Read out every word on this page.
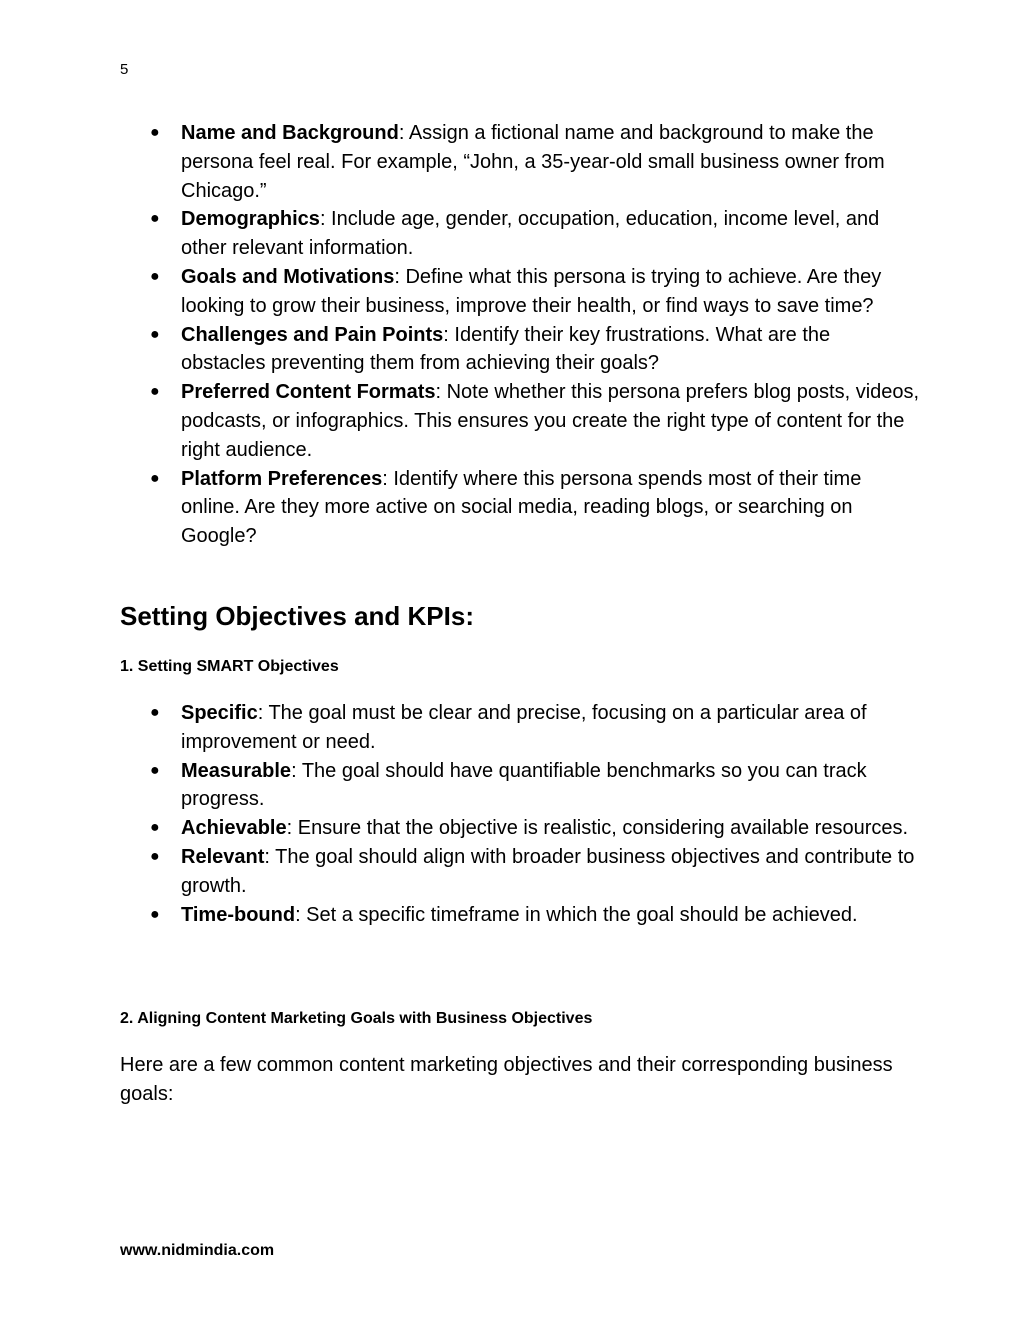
5
● Name and Background: Assign a fictional name and background to make the persona feel real. For example, “John, a 35-year-old small business owner from Chicago.”
● Demographics: Include age, gender, occupation, education, income level, and other relevant information.
● Goals and Motivations: Define what this persona is trying to achieve. Are they looking to grow their business, improve their health, or find ways to save time?
● Challenges and Pain Points: Identify their key frustrations. What are the obstacles preventing them from achieving their goals?
● Preferred Content Formats: Note whether this persona prefers blog posts, videos, podcasts, or infographics. This ensures you create the right type of content for the right audience.
● Platform Preferences: Identify where this persona spends most of their time online. Are they more active on social media, reading blogs, or searching on Google?
Setting Objectives and KPIs:
1. Setting SMART Objectives
● Specific: The goal must be clear and precise, focusing on a particular area of improvement or need.
● Measurable: The goal should have quantifiable benchmarks so you can track progress.
● Achievable: Ensure that the objective is realistic, considering available resources.
● Relevant: The goal should align with broader business objectives and contribute to growth.
● Time-bound: Set a specific timeframe in which the goal should be achieved.
2. Aligning Content Marketing Goals with Business Objectives

Here are a few common content marketing objectives and their corresponding business goals:

www.nidmindia.com
